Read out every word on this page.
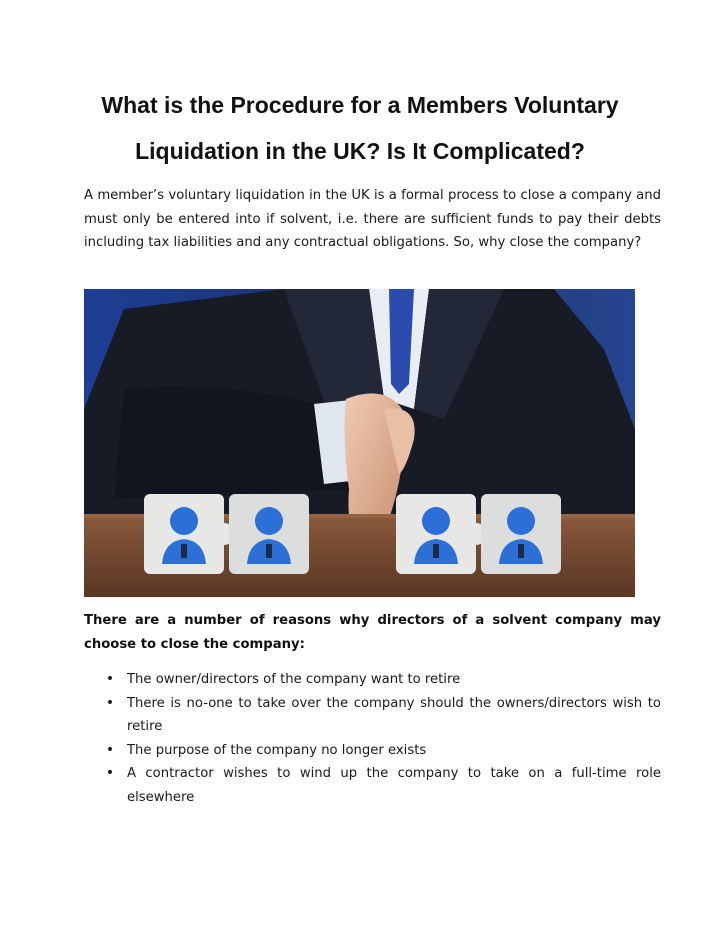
What is the Procedure for a Members Voluntary
Liquidation in the UK? Is It Complicated?

A member’s voluntary liquidation in the UK is a formal process to close a company and must only be entered into if solvent, i.e. there are sufficient funds to pay their debts including tax liabilities and any contractual obligations. So, why close the company?

There are a number of reasons why directors of a solvent company may choose to close the company:

• The owner/directors of the company want to retire
• There is no-one to take over the company should the owners/directors wish to retire
• The purpose of the company no longer exists
• A contractor wishes to wind up the company to take on a full-time role elsewhere
